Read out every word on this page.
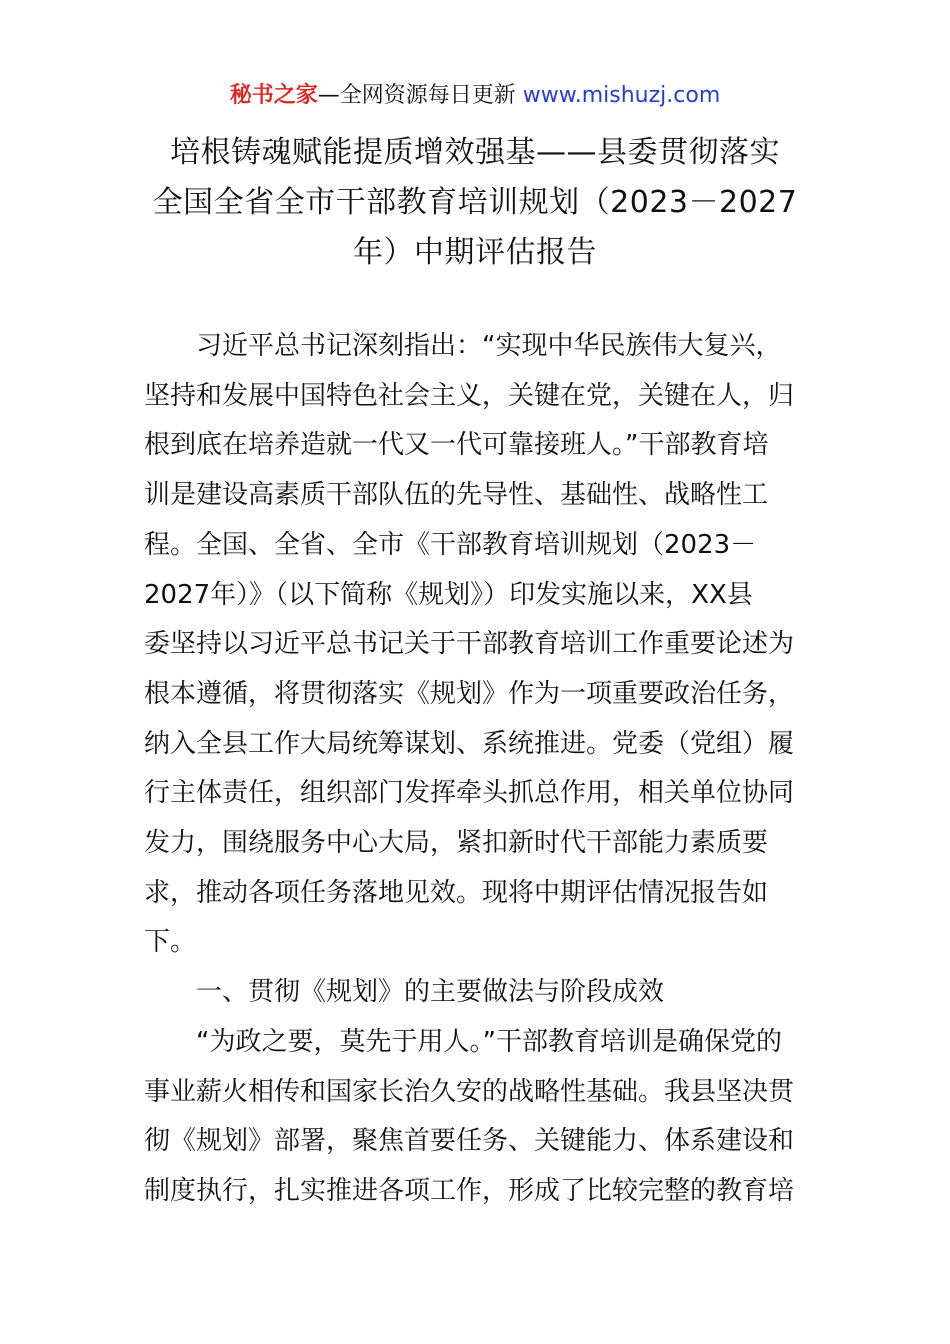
秘书之家—全网资源每日更新 www.mishuzj.com
培根铸魂赋能提质增效强基——县委贯彻落实
全国全省全市干部教育培训规划（2023－2027
年）中期评估报告
习近平总书记深刻指出：“实现中华民族伟大复兴，
坚持和发展中国特色社会主义，关键在党，关键在人，归
根到底在培养造就一代又一代可靠接班人。”干部教育培
训是建设高素质干部队伍的先导性、基础性、战略性工
程。全国、全省、全市《干部教育培训规划（2023－
2027年）》（以下简称《规划》）印发实施以来，XX县
委坚持以习近平总书记关于干部教育培训工作重要论述为
根本遵循，将贯彻落实《规划》作为一项重要政治任务，
纳入全县工作大局统筹谋划、系统推进。党委（党组）履
行主体责任，组织部门发挥牵头抓总作用，相关单位协同
发力，围绕服务中心大局，紧扣新时代干部能力素质要
求，推动各项任务落地见效。现将中期评估情况报告如
下。
一、贯彻《规划》的主要做法与阶段成效
“为政之要，莫先于用人。”干部教育培训是确保党的
事业薪火相传和国家长治久安的战略性基础。我县坚决贯
彻《规划》部署，聚焦首要任务、关键能力、体系建设和
制度执行，扎实推进各项工作，形成了比较完整的教育培
